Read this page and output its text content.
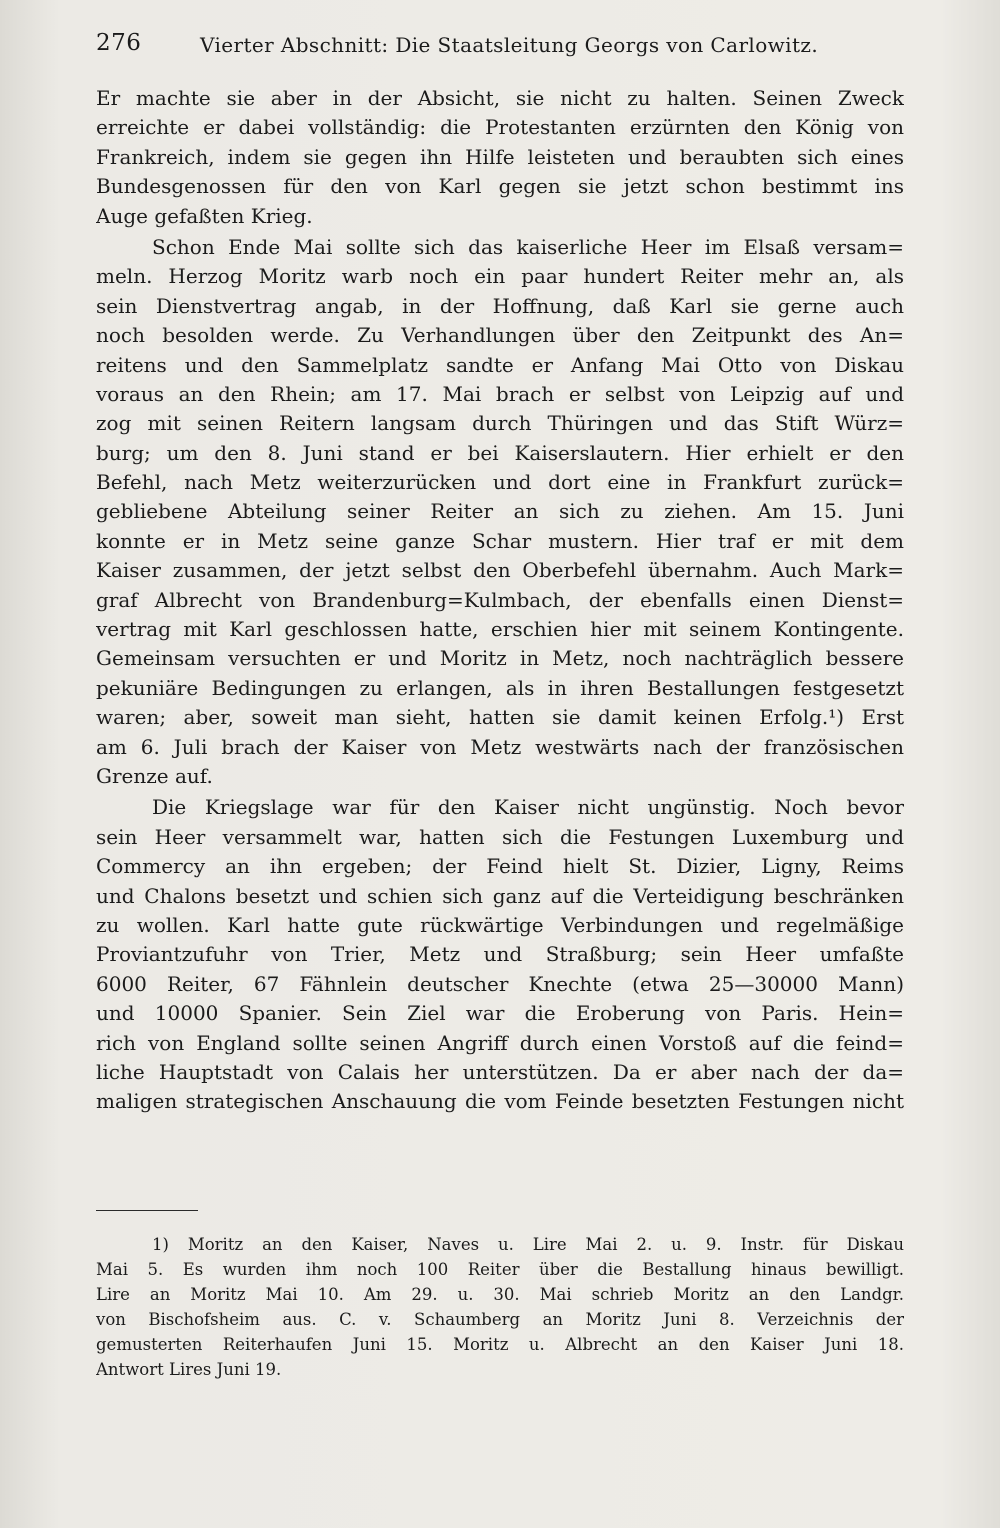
276	Vierter Abschnitt: Die Staatsleitung Georgs von Carlowitz.
Er machte sie aber in der Absicht, sie nicht zu halten. Seinen Zweck
erreichte er dabei vollständig: die Protestanten erzürnten den König von
Frankreich, indem sie gegen ihn Hilfe leisteten und beraubten sich eines
Bundesgenossen für den von Karl gegen sie jetzt schon bestimmt ins
Auge gefaßten Krieg.
Schon Ende Mai sollte sich das kaiserliche Heer im Elsaß versam=
meln. Herzog Moritz warb noch ein paar hundert Reiter mehr an, als
sein Dienstvertrag angab, in der Hoffnung, daß Karl sie gerne auch
noch besolden werde. Zu Verhandlungen über den Zeitpunkt des An=
reitens und den Sammelplatz sandte er Anfang Mai Otto von Diskau
voraus an den Rhein; am 17. Mai brach er selbst von Leipzig auf und
zog mit seinen Reitern langsam durch Thüringen und das Stift Würz=
burg; um den 8. Juni stand er bei Kaiserslautern. Hier erhielt er den
Befehl, nach Metz weiterzurücken und dort eine in Frankfurt zurück=
gebliebene Abteilung seiner Reiter an sich zu ziehen. Am 15. Juni
konnte er in Metz seine ganze Schar mustern. Hier traf er mit dem
Kaiser zusammen, der jetzt selbst den Oberbefehl übernahm. Auch Mark=
graf Albrecht von Brandenburg=Kulmbach, der ebenfalls einen Dienst=
vertrag mit Karl geschlossen hatte, erschien hier mit seinem Kontingente.
Gemeinsam versuchten er und Moritz in Metz, noch nachträglich bessere
pekuniäre Bedingungen zu erlangen, als in ihren Bestallungen festgesetzt
waren; aber, soweit man sieht, hatten sie damit keinen Erfolg.¹) Erst
am 6. Juli brach der Kaiser von Metz westwärts nach der französischen
Grenze auf.
Die Kriegslage war für den Kaiser nicht ungünstig. Noch bevor
sein Heer versammelt war, hatten sich die Festungen Luxemburg und
Commercy an ihn ergeben; der Feind hielt St. Dizier, Ligny, Reims
und Chalons besetzt und schien sich ganz auf die Verteidigung beschränken
zu wollen. Karl hatte gute rückwärtige Verbindungen und regelmäßige
Proviantzufuhr von Trier, Metz und Straßburg; sein Heer umfaßte
6000 Reiter, 67 Fähnlein deutscher Knechte (etwa 25—30000 Mann)
und 10000 Spanier. Sein Ziel war die Eroberung von Paris. Hein=
rich von England sollte seinen Angriff durch einen Vorstoß auf die feind=
liche Hauptstadt von Calais her unterstützen. Da er aber nach der da=
maligen strategischen Anschauung die vom Feinde besetzten Festungen nicht
1) Moritz an den Kaiser, Naves u. Lire Mai 2. u. 9. Instr. für Diskau
Mai 5. Es wurden ihm noch 100 Reiter über die Bestallung hinaus bewilligt.
Lire an Moritz Mai 10. Am 29. u. 30. Mai schrieb Moritz an den Landgr.
von Bischofsheim aus. C. v. Schaumberg an Moritz Juni 8. Verzeichnis der
gemusterten Reiterhaufen Juni 15. Moritz u. Albrecht an den Kaiser Juni 18.
Antwort Lires Juni 19.
